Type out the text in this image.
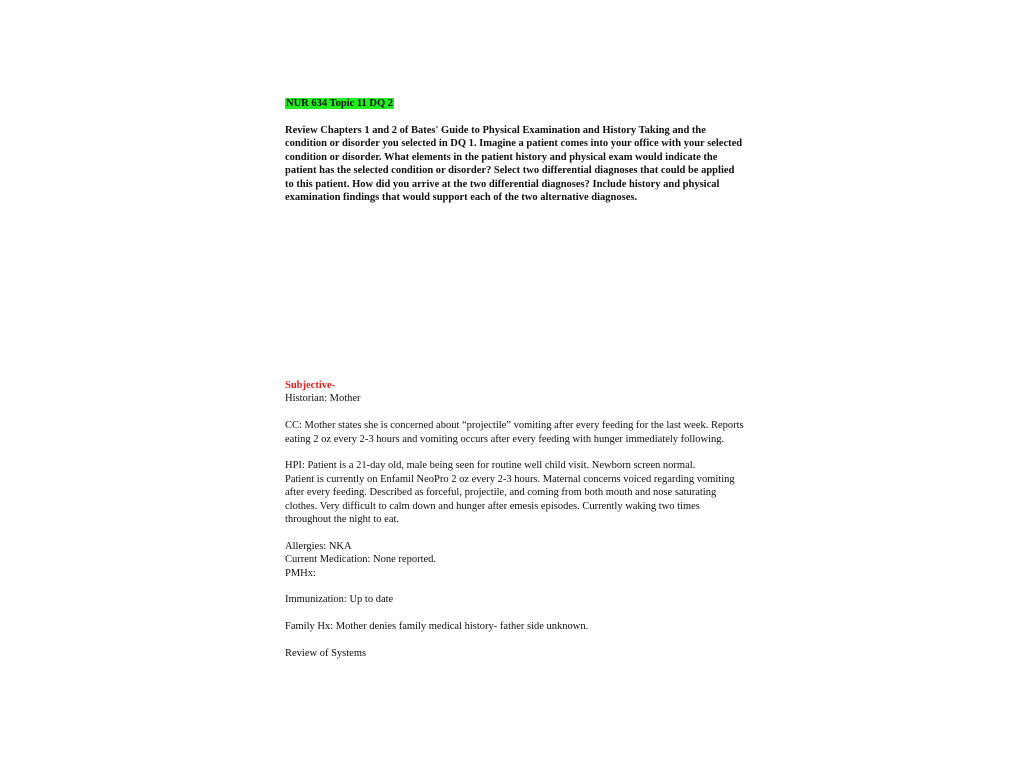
NUR 634 Topic 11 DQ 2
Review Chapters 1 and 2 of Bates' Guide to Physical Examination and History Taking and the condition or disorder you selected in DQ 1. Imagine a patient comes into your office with your selected condition or disorder. What elements in the patient history and physical exam would indicate the patient has the selected condition or disorder? Select two differential diagnoses that could be applied to this patient. How did you arrive at the two differential diagnoses? Include history and physical examination findings that would support each of the two alternative diagnoses.

Subjective-

Historian: Mother

CC: Mother states she is concerned about “projectile” vomiting after every feeding for the last week. Reports eating 2 oz every 2-3 hours and vomiting occurs after every feeding with hunger immediately following.

HPI: Patient is a 21-day old, male being seen for routine well child visit. Newborn screen normal.

Patient is currently on Enfamil NeoPro 2 oz every 2-3 hours. Maternal concerns voiced regarding vomiting after every feeding. Described as forceful, projectile, and coming from both mouth and nose saturating clothes. Very difficult to calm down and hunger after emesis episodes. Currently waking two times throughout the night to eat.

Allergies: NKA

Current Medication: None reported.

PMHx:

Immunization: Up to date

Family Hx: Mother denies family medical history- father side unknown.

Review of Systems
